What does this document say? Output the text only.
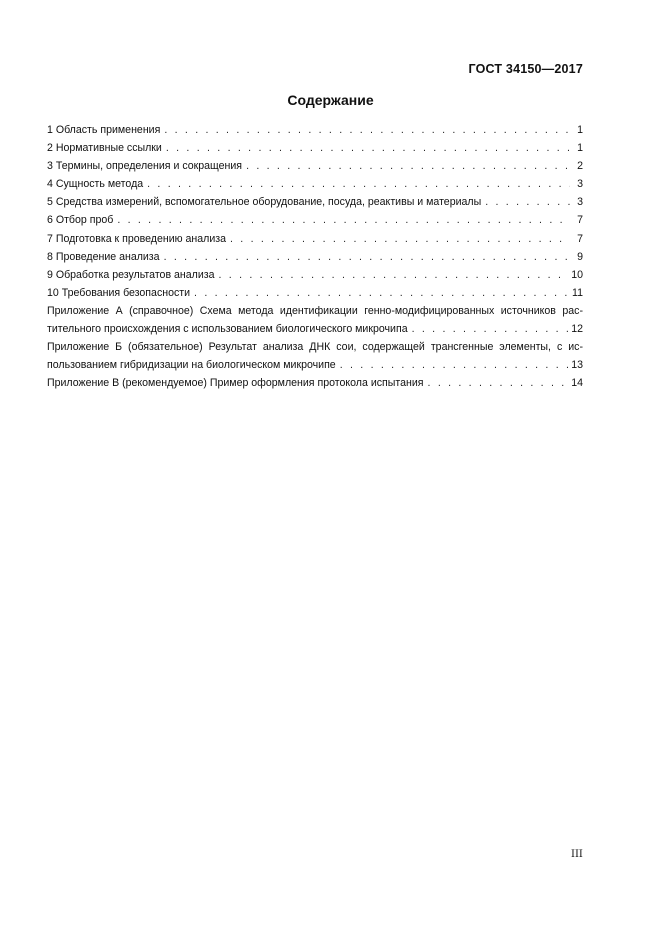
ГОСТ 34150—2017
Содержание
1 Область применения . . .	1
2 Нормативные ссылки . . .	1
3 Термины, определения и сокращения . . .	2
4 Сущность метода . . .	3
5 Средства измерений, вспомогательное оборудование, посуда, реактивы и материалы . . .	3
6 Отбор проб . . .	7
7 Подготовка к проведению анализа . . .	7
8 Проведение анализа . . .	9
9 Обработка результатов анализа . . .	10
10 Требования безопасности . . .	11
Приложение А (справочное) Схема метода идентификации генно-модифицированных источников рас-
тительного происхождения с использованием биологического микрочипа . . .	12
Приложение Б (обязательное) Результат анализа ДНК сои, содержащей трансгенные элементы, с ис-
пользованием гибридизации на биологическом микрочипе . . .	13
Приложение В (рекомендуемое) Пример оформления протокола испытания . . .	14
III
